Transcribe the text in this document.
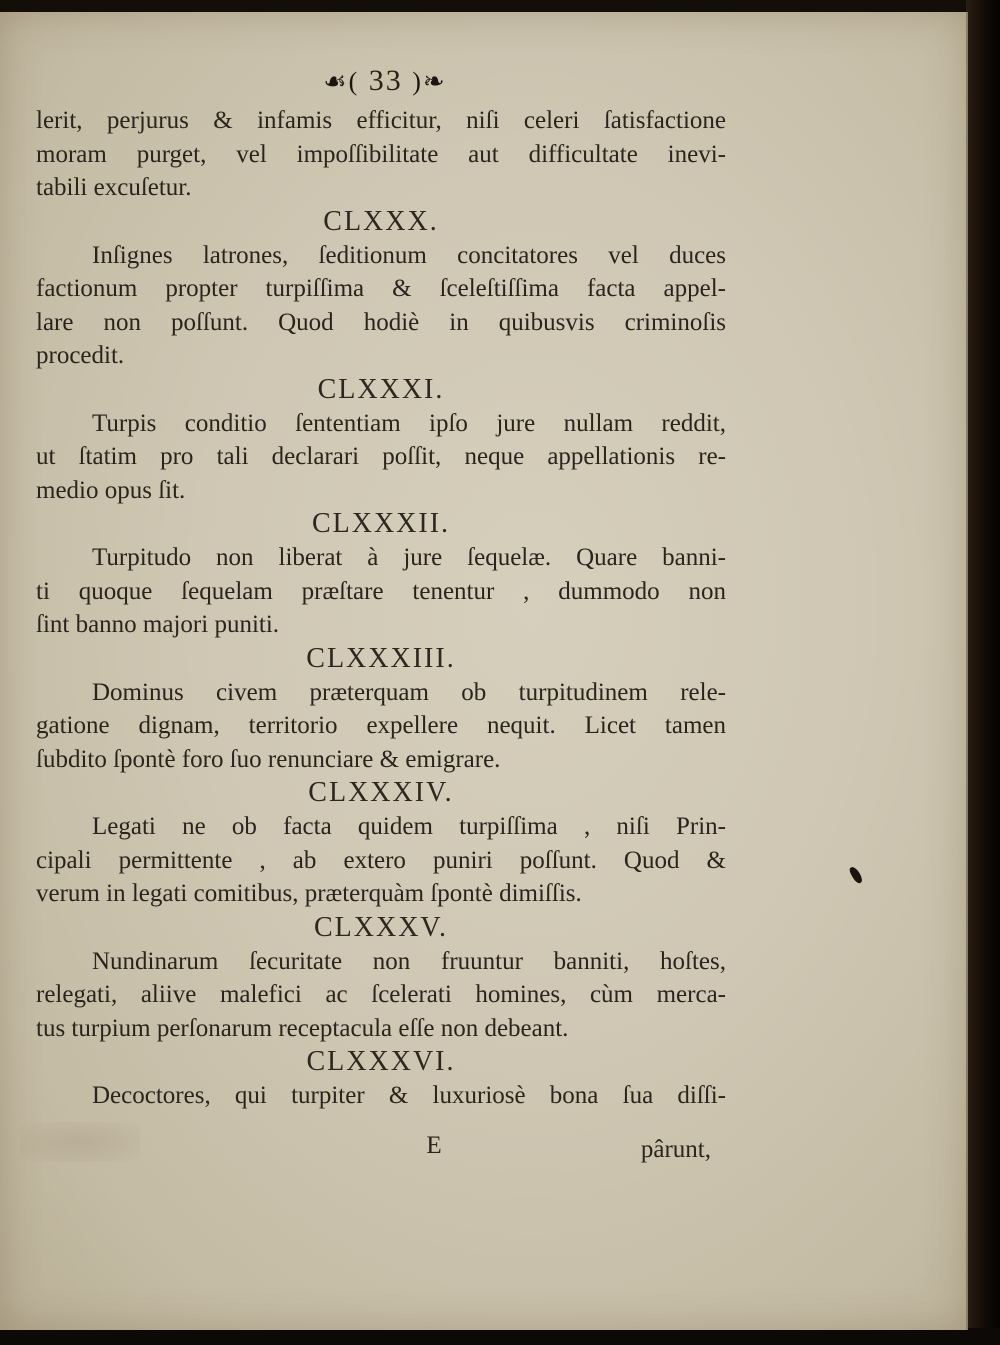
☙( 33 )❧
lerit, perjurus & infamis efficitur, niſi celeri ſatisfactione
moram purget, vel impoſſibilitate aut difficultate inevi-
tabili excuſetur.
CLXXX.
Inſignes latrones, ſeditionum concitatores vel duces
factionum propter turpiſſima & ſceleſtiſſima facta appel-
lare non poſſunt. Quod hodiè in quibusvis criminoſis
procedit.
CLXXXI.
Turpis conditio ſententiam ipſo jure nullam reddit,
ut ſtatim pro tali declarari poſſit, neque appellationis re-
medio opus ſit.
CLXXXII.
Turpitudo non liberat à jure ſequelæ. Quare banni-
ti quoque ſequelam præſtare tenentur , dummodo non
ſint banno majori puniti.
CLXXXIII.
Dominus civem præterquam ob turpitudinem rele-
gatione dignam, territorio expellere nequit. Licet tamen
ſubdito ſpontè foro ſuo renunciare & emigrare.
CLXXXIV.
Legati ne ob facta quidem turpiſſima , niſi Prin-
cipali permittente , ab extero puniri poſſunt. Quod &
verum in legati comitibus, præterquàm ſpontè dimiſſis.
CLXXXV.
Nundinarum ſecuritate non fruuntur banniti, hoſtes,
relegati, aliive malefici ac ſcelerati homines, cùm merca-
tus turpium perſonarum receptacula eſſe non debeant.
CLXXXVI.
Decoctores, qui turpiter & luxuriosè bona ſua diſſi-
E	pârunt,
